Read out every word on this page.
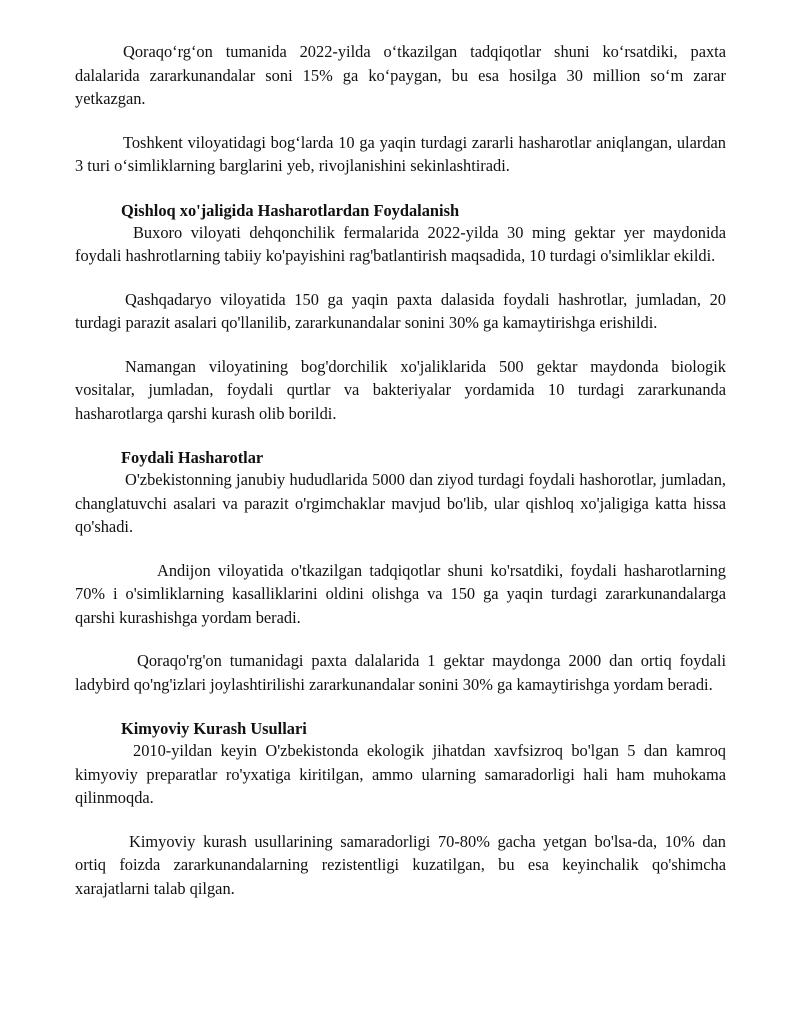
Qoraqo‘rg‘on tumanida 2022-yilda o‘tkazilgan tadqiqotlar shuni ko‘rsatdiki, paxta dalalarida zararkunandalar soni 15% ga ko‘paygan, bu esa hosilga 30 million so‘m zarar yetkazgan.

Toshkent viloyatidagi bog‘larda 10 ga yaqin turdagi zararli hasharotlar aniqlangan, ulardan 3 turi o‘simliklarning barglarini yeb, rivojlanishini sekinlashtiradi.

Qishloq xo'jaligida Hasharotlardan Foydalanish

Buxoro viloyati dehqonchilik fermalarida 2022-yilda 30 ming gektar yer maydonida foydali hashrotlarning tabiiy ko'payishini rag'batlantirish maqsadida, 10 turdagi o'simliklar ekildi.

Qashqadaryo viloyatida 150 ga yaqin paxta dalasida foydali hashrotlar, jumladan, 20 turdagi parazit asalari qo'llanilib, zararkunandalar sonini 30% ga kamaytirishga erishildi.

Namangan viloyatining bog'dorchilik xo'jaliklarida 500 gektar maydonda biologik vositalar, jumladan, foydali qurtlar va bakteriyalar yordamida 10 turdagi zararkunanda hasharotlarga qarshi kurash olib borildi.

Foydali Hasharotlar

O'zbekistonning janubiy hududlarida 5000 dan ziyod turdagi foydali hashorotlar, jumladan, changlatuvchi asalari va parazit o'rgimchaklar mavjud bo'lib, ular qishloq xo'jaligiga katta hissa qo'shadi.

Andijon viloyatida o'tkazilgan tadqiqotlar shuni ko'rsatdiki, foydali hasharotlarning 70% i o'simliklarning kasalliklarini oldini olishga va 150 ga yaqin turdagi zararkunandalarga qarshi kurashishga yordam beradi.

Qoraqo'rg'on tumanidagi paxta dalalarida 1 gektar maydonga 2000 dan ortiq foydali ladybird qo'ng'izlari joylashtirilishi zararkunandalar sonini 30% ga kamaytirishga yordam beradi.

Kimyoviy Kurash Usullari

2010-yildan keyin O'zbekistonda ekologik jihatdan xavfsizroq bo'lgan 5 dan kamroq kimyoviy preparatlar ro'yxatiga kiritilgan, ammo ularning samaradorligi hali ham muhokama qilinmoqda.

Kimyoviy kurash usullarining samaradorligi 70-80% gacha yetgan bo'lsa-da, 10% dan ortiq foizda zararkunandalarning rezistentligi kuzatilgan, bu esa keyinchalik qo'shimcha xarajatlarni talab qilgan.
